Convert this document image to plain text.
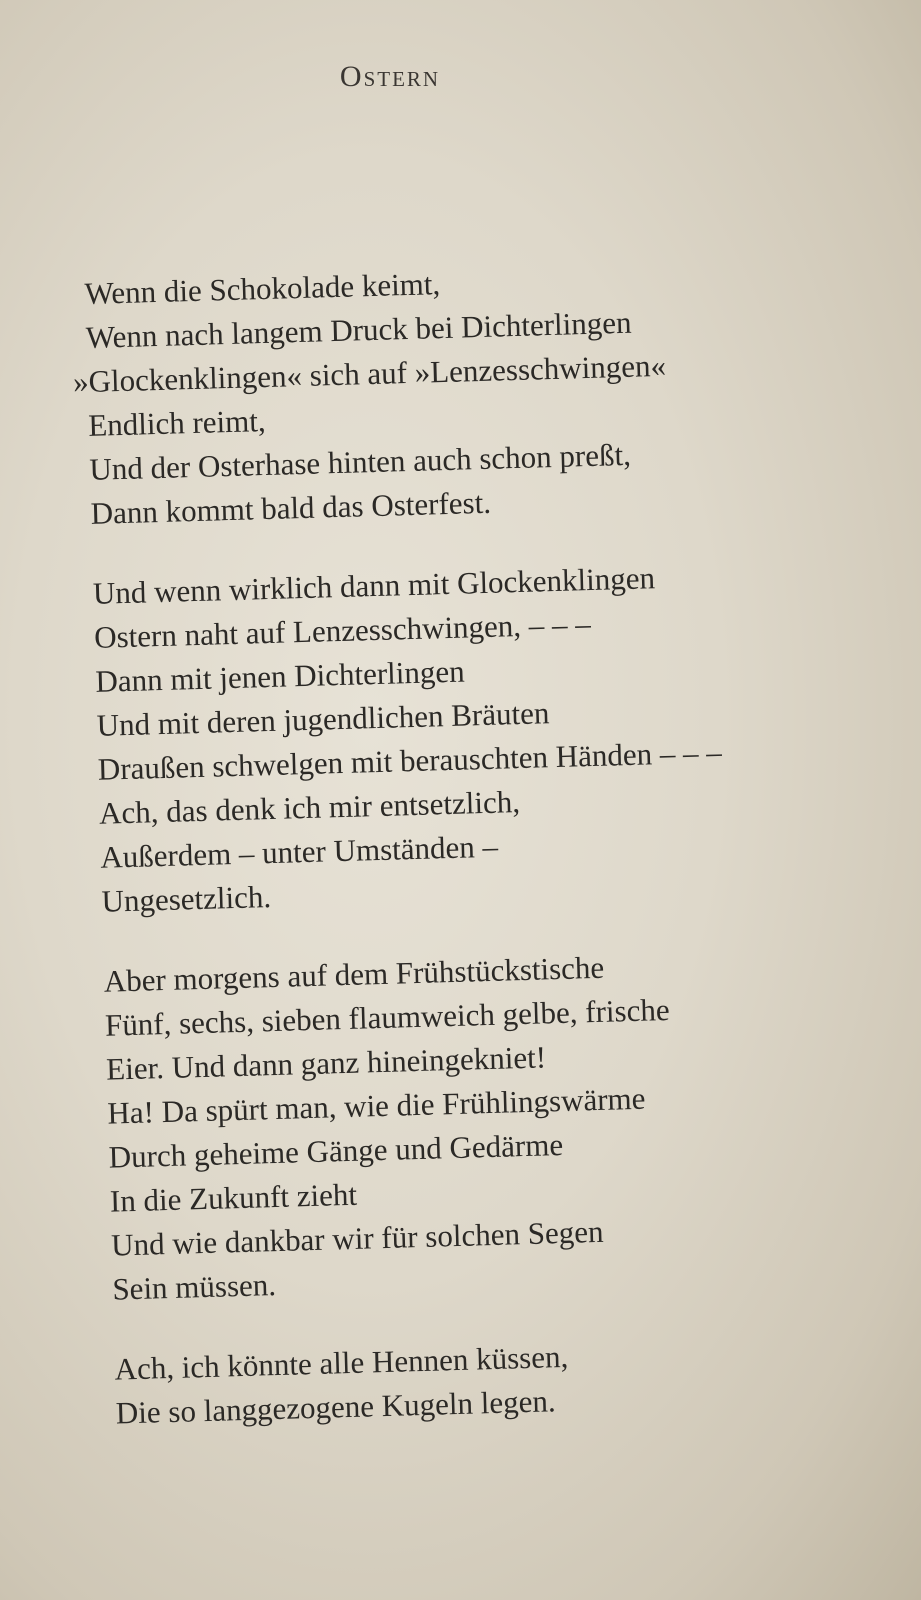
Ostern
Wenn die Schokolade keimt,
Wenn nach langem Druck bei Dichterlingen
»Glockenklingen« sich auf »Lenzesschwingen«
Endlich reimt,
Und der Osterhase hinten auch schon preßt,
Dann kommt bald das Osterfest.
Und wenn wirklich dann mit Glockenklingen
Ostern naht auf Lenzesschwingen, – – –
Dann mit jenen Dichterlingen
Und mit deren jugendlichen Bräuten
Draußen schwelgen mit berauschten Händen – – –
Ach, das denk ich mir entsetzlich,
Außerdem – unter Umständen –
Ungesetzlich.
Aber morgens auf dem Frühstückstische
Fünf, sechs, sieben flaumweich gelbe, frische
Eier. Und dann ganz hineingekniet!
Ha! Da spürt man, wie die Frühlingswärme
Durch geheime Gänge und Gedärme
In die Zukunft zieht
Und wie dankbar wir für solchen Segen
Sein müssen.
Ach, ich könnte alle Hennen küssen,
Die so langgezogene Kugeln legen.
